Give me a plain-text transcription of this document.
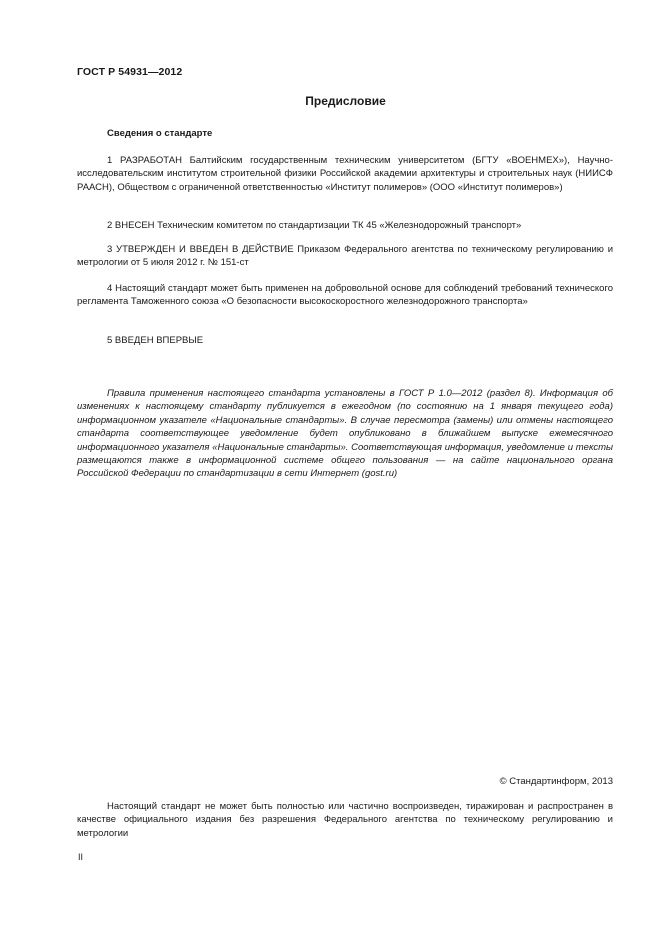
ГОСТ Р 54931—2012
Предисловие
Сведения о стандарте

1 РАЗРАБОТАН Балтийским государственным техническим университетом (БГТУ «ВОЕНМЕХ»), Научно-исследовательским институтом строительной физики Российской академии архитектуры и строительных наук (НИИСФ РААСН), Обществом с ограниченной ответственностью «Институт полимеров» (ООО «Институт полимеров»)

2 ВНЕСЕН Техническим комитетом по стандартизации ТК 45 «Железнодорожный транспорт»

3 УТВЕРЖДЕН И ВВЕДЕН В ДЕЙСТВИЕ Приказом Федерального агентства по техническому регулированию и метрологии от 5 июля 2012 г. № 151-ст

4 Настоящий стандарт может быть применен на добровольной основе для соблюдений требований технического регламента Таможенного союза «О безопасности высокоскоростного железнодорожного транспорта»

5 ВВЕДЕН ВПЕРВЫЕ

Правила применения настоящего стандарта установлены в ГОСТ Р 1.0—2012 (раздел 8). Информация об изменениях к настоящему стандарту публикуется в ежегодном (по состоянию на 1 января текущего года) информационном указателе «Национальные стандарты». В случае пересмотра (замены) или отмены настоящего стандарта соответствующее уведомление будет опубликовано в ближайшем выпуске ежемесячного информационного указателя «Национальные стандарты». Соответствующая информация, уведомление и тексты размещаются также в информационной системе общего пользования — на сайте национального органа Российской Федерации по стандартизации в сети Интернет (gost.ru)

© Стандартинформ, 2013

Настоящий стандарт не может быть полностью или частично воспроизведен, тиражирован и распространен в качестве официального издания без разрешения Федерального агентства по техническому регулированию и метрологии

II
